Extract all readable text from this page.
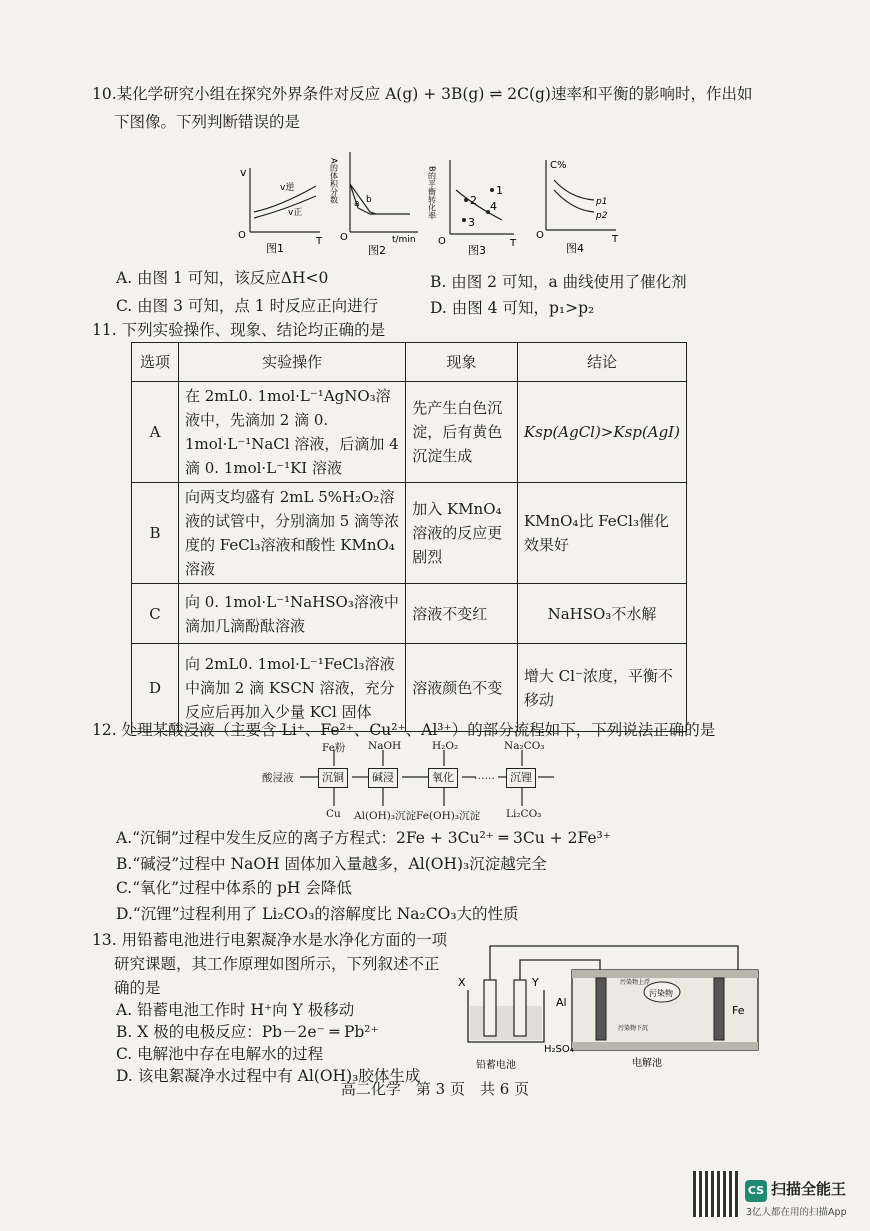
10.某化学研究小组在探究外界条件对反应 A(g) + 3B(g) ⇌ 2C(g)速率和平衡的影响时，作出如
下图像。下列判断错误的是
v
O
T
v逆
v正
图1
A的体积分数
O	t/min
a b
图2
1
2
3
4
B的平衡转化率
O	T
图3
C%
O	T
p1
p2
图4
A. 由图 1 可知，该反应ΔH<0	B. 由图 2 可知，a 曲线使用了催化剂
C. 由图 3 可知，点 1 时反应正向进行	D. 由图 4 可知，p₁>p₂
11. 下列实验操作、现象、结论均正确的是
选项	实验操作	现象	结论
A	在 2mL0. 1mol·L⁻¹AgNO₃溶液中，先滴加 2 滴 0. 1mol·L⁻¹NaCl 溶液，后滴加 4 滴 0. 1mol·L⁻¹KI 溶液	先产生白色沉淀，后有黄色沉淀生成	Ksp(AgCl)>Ksp(AgI)
B	向两支均盛有 2mL 5%H₂O₂溶液的试管中，分别滴加 5 滴等浓度的 FeCl₃溶液和酸性 KMnO₄溶液	加入 KMnO₄溶液的反应更剧烈	KMnO₄比 FeCl₃催化效果好
C	向 0. 1mol·L⁻¹NaHSO₃溶液中滴加几滴酚酞溶液	溶液不变红	NaHSO₃不水解
D	向 2mL0. 1mol·L⁻¹FeCl₃溶液中滴加 2 滴 KSCN 溶液，充分反应后再加入少量 KCl 固体	溶液颜色不变	增大 Cl⁻浓度，平衡不移动
12. 处理某酸浸液（主要含 Li⁺、Fe²⁺、Cu²⁺、Al³⁺）的部分流程如下，下列说法正确的是
酸浸液	沉铜	碱浸	氧化	……	沉锂
Fe粉 NaOH	H₂O₂	Na₂CO₃
Cu Al(OH)₃沉淀 Fe(OH)₃沉淀 Li₂CO₃
A.“沉铜”过程中发生反应的离子方程式：2Fe + 3Cu²⁺ ═ 3Cu + 2Fe³⁺
B.“碱浸”过程中 NaOH 固体加入量越多，Al(OH)₃沉淀越完全
C.“氧化”过程中体系的 pH 会降低
D.“沉锂”过程利用了 Li₂CO₃的溶解度比 Na₂CO₃大的性质
13. 用铅蓄电池进行电絮凝净水是水净化方面的一项
研究课题，其工作原理如图所示，下列叙述不正
确的是
A. 铅蓄电池工作时 H⁺向 Y 极移动
B. X 极的电极反应：Pb－2e⁻ ═ Pb²⁺
C. 电解池中存在电解水的过程
D. 该电絮凝净水过程中有 Al(OH)₃胶体生成
X	Y
Al
Fe
H₂SO₄
铅蓄电池	电解池
污染物
污染物上浮
污染物下沉
高二化学　第 3 页　共 6 页
CS 扫描全能王
3亿人都在用的扫描App
